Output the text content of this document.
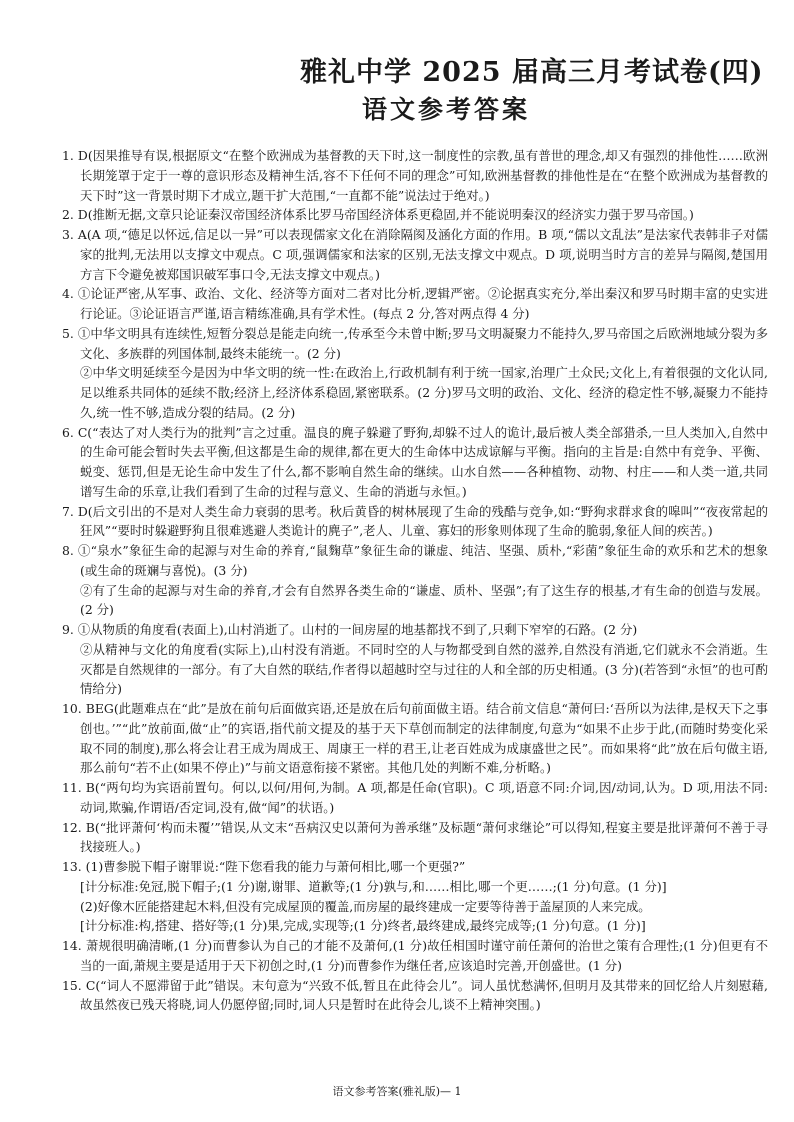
雅礼中学 2025 届高三月考试卷(四)
语文参考答案

1. D(因果推导有误,根据原文“在整个欧洲成为基督教的天下时,这一制度性的宗教,虽有普世的理念,却又有强烈的排他性……欧洲长期笼罩于定于一尊的意识形态及精神生活,容不下任何不同的理念”可知,欧洲基督教的排他性是在“在整个欧洲成为基督教的天下时”这一背景时期下才成立,题干扩大范围,“一直都不能”说法过于绝对。)

2. D(推断无据,文章只论证秦汉帝国经济体系比罗马帝国经济体系更稳固,并不能说明秦汉的经济实力强于罗马帝国。)

3. A(A 项,“德足以怀远,信足以一异”可以表现儒家文化在消除隔阂及涵化方面的作用。B 项,“儒以文乱法”是法家代表韩非子对儒家的批判,无法用以支撑文中观点。C 项,强调儒家和法家的区别,无法支撑文中观点。D 项,说明当时方言的差异与隔阂,楚国用方言下令避免被郑国识破军事口令,无法支撑文中观点。)

4. ①论证严密,从军事、政治、文化、经济等方面对二者对比分析,逻辑严密。②论据真实充分,举出秦汉和罗马时期丰富的史实进行论证。③论证语言严谨,语言精练准确,具有学术性。(每点 2 分,答对两点得 4 分)

5. ①中华文明具有连续性,短暂分裂总是能走向统一,传承至今未曾中断;罗马文明凝聚力不能持久,罗马帝国之后欧洲地域分裂为多文化、多族群的列国体制,最终未能统一。(2 分)

②中华文明延续至今是因为中华文明的统一性:在政治上,行政机制有利于统一国家,治理广土众民;文化上,有着很强的文化认同,足以维系共同体的延续不散;经济上,经济体系稳固,紧密联系。(2 分)罗马文明的政治、文化、经济的稳定性不够,凝聚力不能持久,统一性不够,造成分裂的结局。(2 分)

6. C(“表达了对人类行为的批判”言之过重。温良的麂子躲避了野狗,却躲不过人的诡计,最后被人类全部猎杀,一旦人类加入,自然中的生命可能会暂时失去平衡,但这都是生命的规律,都在更大的生命体中达成谅解与平衡。指向的主旨是:自然中有竞争、平衡、蜕变、惩罚,但是无论生命中发生了什么,都不影响自然生命的继续。山水自然——各种植物、动物、村庄——和人类一道,共同谱写生命的乐章,让我们看到了生命的过程与意义、生命的消逝与永恒。)

7. D(后文引出的不是对人类生命力衰弱的思考。秋后黄昏的树林展现了生命的残酷与竞争,如:“野狗求群求食的嗥叫”“夜夜常起的狂风”“要时时躲避野狗且很难逃避人类诡计的麂子”,老人、儿童、寡妇的形象则体现了生命的脆弱,象征人间的疾苦。)

8. ①“泉水”象征生命的起源与对生命的养育,“鼠麴草”象征生命的谦虚、纯洁、坚强、质朴,“彩菌”象征生命的欢乐和艺术的想象(或生命的斑斓与喜悦)。(3 分)

②有了生命的起源与对生命的养育,才会有自然界各类生命的“谦虚、质朴、坚强”;有了这生存的根基,才有生命的创造与发展。(2 分)

9. ①从物质的角度看(表面上),山村消逝了。山村的一间房屋的地基都找不到了,只剩下窄窄的石路。(2 分)

②从精神与文化的角度看(实际上),山村没有消逝。不同时空的人与物都受到自然的滋养,自然没有消逝,它们就永不会消逝。生灭都是自然规律的一部分。有了大自然的联结,作者得以超越时空与过往的人和全部的历史相通。(3 分)(若答到“永恒”的也可酌情给分)

10. BEG(此题难点在“此”是放在前句后面做宾语,还是放在后句前面做主语。结合前文信息“萧何曰:‘吾所以为法律,是权天下之事创也。’”“此”放前面,做“止”的宾语,指代前文提及的基于天下草创而制定的法律制度,句意为“如果不止步于此,(而随时势变化采取不同的制度),那么将会让君王成为周成王、周康王一样的君王,让老百姓成为成康盛世之民”。而如果将“此”放在后句做主语,那么前句“若不止(如果不停止)”与前文语意衔接不紧密。其他几处的判断不难,分析略。)

11. B(“两句均为宾语前置句。何以,以何/用何,为制。A 项,都是任命(官职)。C 项,语意不同:介词,因/动词,认为。D 项,用法不同:动词,欺骗,作谓语/否定词,没有,做“闻”的状语。)

12. B(“批评萧何‘构而未覆’”错误,从文末“吾病汉史以萧何为善承继”及标题“萧何求继论”可以得知,程宴主要是批评萧何不善于寻找接班人。)

13. (1)曹参脱下帽子谢罪说:“陛下您看我的能力与萧何相比,哪一个更强?”

[计分标准:免冠,脱下帽子;(1 分)谢,谢罪、道歉等;(1 分)孰与,和……相比,哪一个更……;(1 分)句意。(1 分)]

(2)好像木匠能搭建起木料,但没有完成屋顶的覆盖,而房屋的最终建成一定要等待善于盖屋顶的人来完成。

[计分标准:构,搭建、搭好等;(1 分)果,完成,实现等;(1 分)终者,最终建成,最终完成等;(1 分)句意。(1 分)]

14. 萧规很明确清晰,(1 分)而曹参认为自己的才能不及萧何,(1 分)故任相国时谨守前任萧何的治世之策有合理性;(1 分)但更有不当的一面,萧规主要是适用于天下初创之时,(1 分)而曹参作为继任者,应该追时完善,开创盛世。(1 分)

15. C(“词人不愿滞留于此”错误。末句意为“兴致不低,暂且在此待会儿”。词人虽忧愁满怀,但明月及其带来的回忆给人片刻慰藉,故虽然夜已残天将晓,词人仍愿停留;同时,词人只是暂时在此待会儿,谈不上精神突围。)

语文参考答案(雅礼版)— 1
